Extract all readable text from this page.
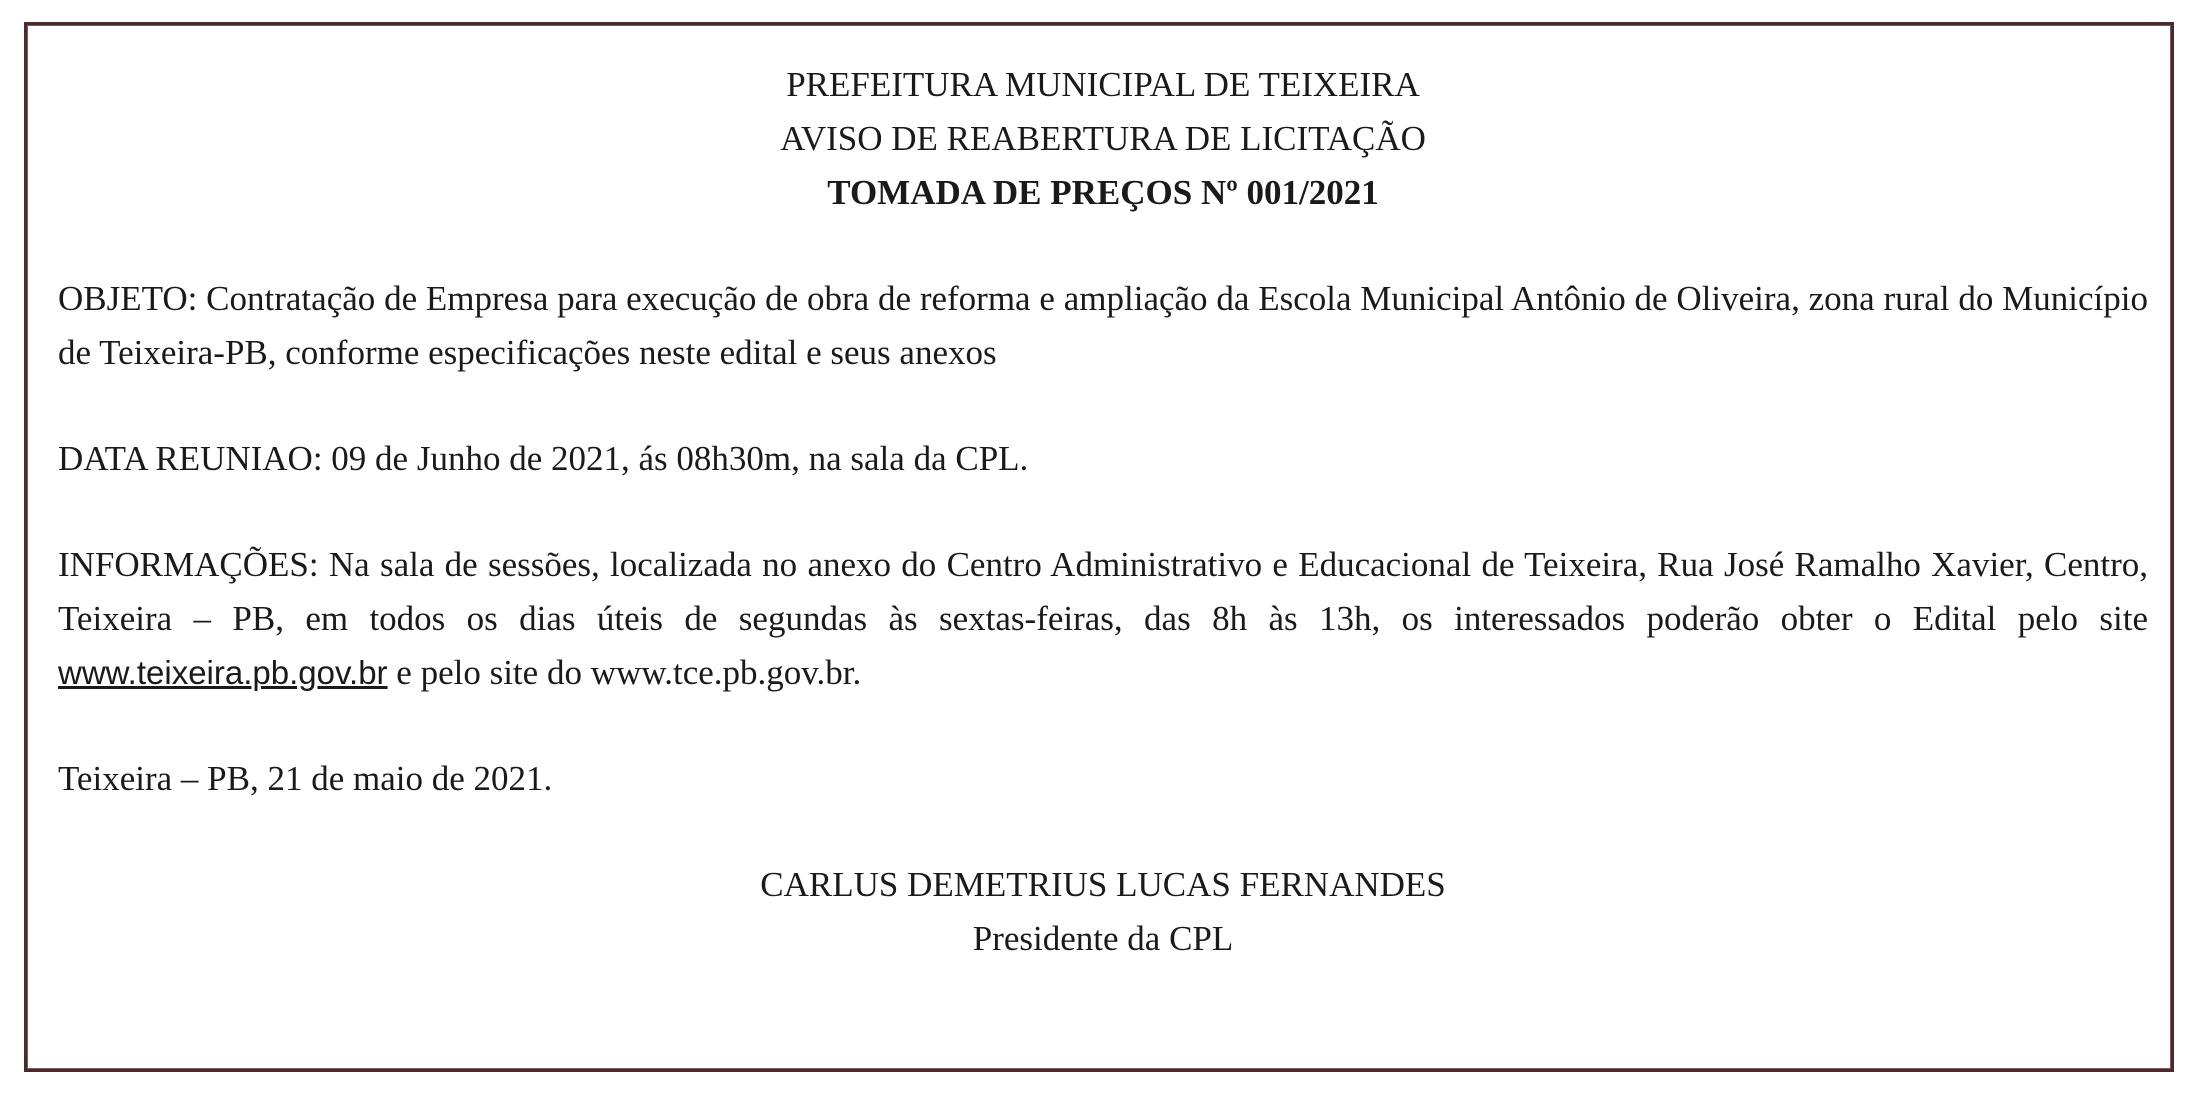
PREFEITURA MUNICIPAL DE TEIXEIRA
AVISO DE REABERTURA DE LICITAÇÃO
TOMADA DE PREÇOS Nº 001/2021

OBJETO: Contratação de Empresa para execução de obra de reforma e ampliação da Escola Municipal Antônio de Oliveira, zona rural do Município de Teixeira-PB, conforme especificações neste edital e seus anexos

DATA REUNIAO: 09 de Junho de 2021, ás 08h30m, na sala da CPL.

INFORMAÇÕES: Na sala de sessões, localizada no anexo do Centro Administrativo e Educacional de Teixeira, Rua José Ramalho Xavier, Centro, Teixeira – PB, em todos os dias úteis de segundas às sextas-feiras, das 8h às 13h, os interessados poderão obter o Edital pelo site www.teixeira.pb.gov.br e pelo site do www.tce.pb.gov.br.

Teixeira – PB, 21 de maio de 2021.

CARLUS DEMETRIUS LUCAS FERNANDES
Presidente da CPL
